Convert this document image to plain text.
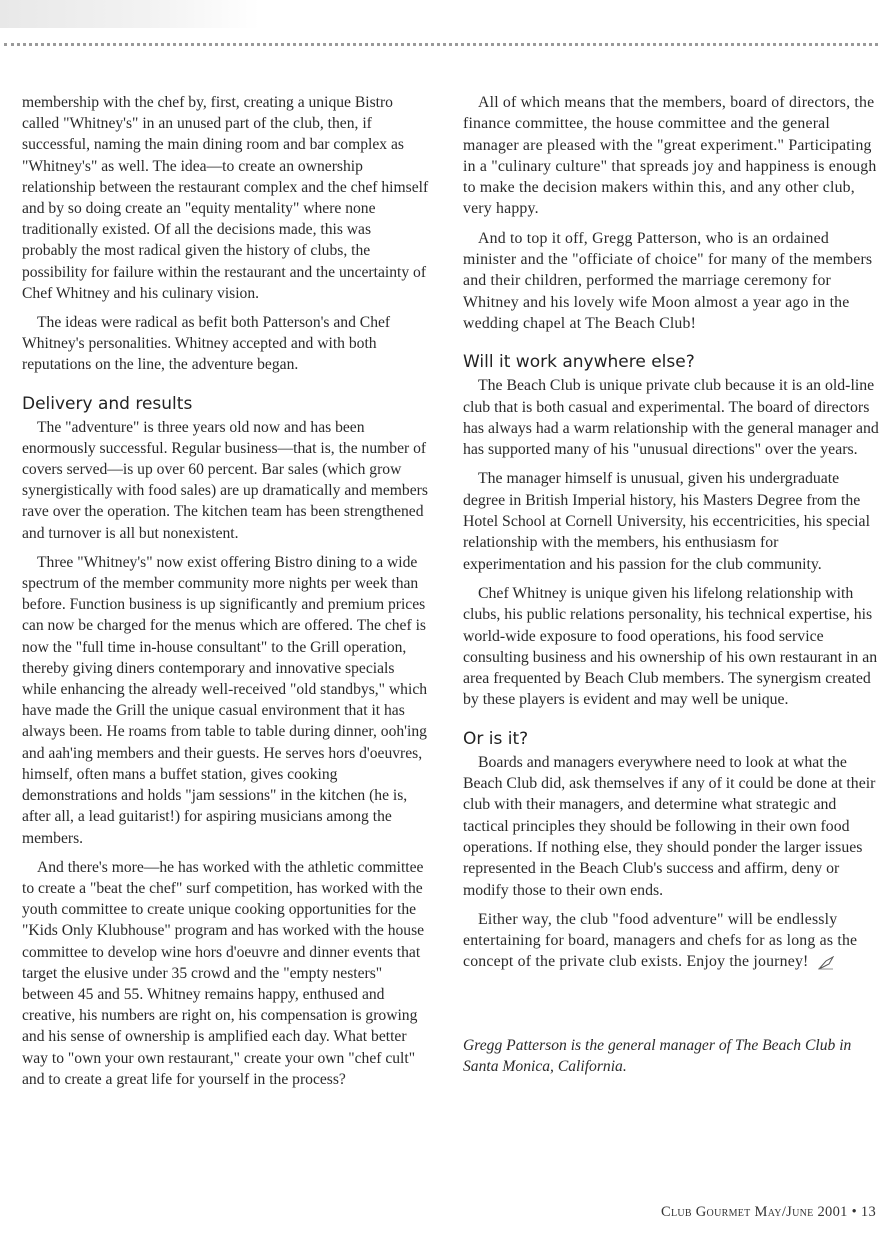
membership with the chef by, first, creating a unique Bistro called "Whitney's" in an unused part of the club, then, if successful, naming the main dining room and bar complex as "Whitney's" as well. The idea—to create an ownership relationship between the restaurant complex and the chef himself and by so doing create an "equity mentality" where none traditionally existed. Of all the decisions made, this was probably the most radical given the history of clubs, the possibility for failure within the restaurant and the uncertainty of Chef Whitney and his culinary vision.

The ideas were radical as befit both Patterson's and Chef Whitney's personalities. Whitney accepted and with both reputations on the line, the adventure began.

Delivery and results

The "adventure" is three years old now and has been enormously successful. Regular business—that is, the number of covers served—is up over 60 percent. Bar sales (which grow synergistically with food sales) are up dramatically and members rave over the operation. The kitchen team has been strengthened and turnover is all but nonexistent.

Three "Whitney's" now exist offering Bistro dining to a wide spectrum of the member community more nights per week than before. Function business is up significantly and premium prices can now be charged for the menus which are offered. The chef is now the "full time in-house consultant" to the Grill operation, thereby giving diners contemporary and innovative specials while enhancing the already well-received "old standbys," which have made the Grill the unique casual environment that it has always been. He roams from table to table during dinner, ooh'ing and aah'ing members and their guests. He serves hors d'oeuvres, himself, often mans a buffet station, gives cooking demonstrations and holds "jam sessions" in the kitchen (he is, after all, a lead guitarist!) for aspiring musicians among the members.

And there's more—he has worked with the athletic committee to create a "beat the chef" surf competition, has worked with the youth committee to create unique cooking opportunities for the "Kids Only Klubhouse" program and has worked with the house committee to develop wine hors d'oeuvre and dinner events that target the elusive under 35 crowd and the "empty nesters" between 45 and 55. Whitney remains happy, enthused and creative, his numbers are right on, his compensation is growing and his sense of ownership is amplified each day. What better way to "own your own restaurant," create your own "chef cult" and to create a great life for yourself in the process?

All of which means that the members, board of directors, the finance committee, the house committee and the general manager are pleased with the "great experiment." Participating in a "culinary culture" that spreads joy and happiness is enough to make the decision makers within this, and any other club, very happy.

And to top it off, Gregg Patterson, who is an ordained minister and the "officiate of choice" for many of the members and their children, performed the marriage ceremony for Whitney and his lovely wife Moon almost a year ago in the wedding chapel at The Beach Club!

Will it work anywhere else?

The Beach Club is unique private club because it is an old-line club that is both casual and experimental. The board of directors has always had a warm relationship with the general manager and has supported many of his "unusual directions" over the years.

The manager himself is unusual, given his undergraduate degree in British Imperial history, his Masters Degree from the Hotel School at Cornell University, his eccentricities, his special relationship with the members, his enthusiasm for experimentation and his passion for the club community.

Chef Whitney is unique given his lifelong relationship with clubs, his public relations personality, his technical expertise, his world-wide exposure to food operations, his food service consulting business and his ownership of his own restaurant in an area frequented by Beach Club members. The synergism created by these players is evident and may well be unique.

Or is it?

Boards and managers everywhere need to look at what the Beach Club did, ask themselves if any of it could be done at their club with their managers, and determine what strategic and tactical principles they should be following in their own food operations. If nothing else, they should ponder the larger issues represented in the Beach Club's success and affirm, deny or modify those to their own ends.

Either way, the club "food adventure" will be endlessly entertaining for board, managers and chefs for as long as the concept of the private club exists. Enjoy the journey!

Gregg Patterson is the general manager of The Beach Club in Santa Monica, California.

Club Gourmet May/June 2001 • 13
